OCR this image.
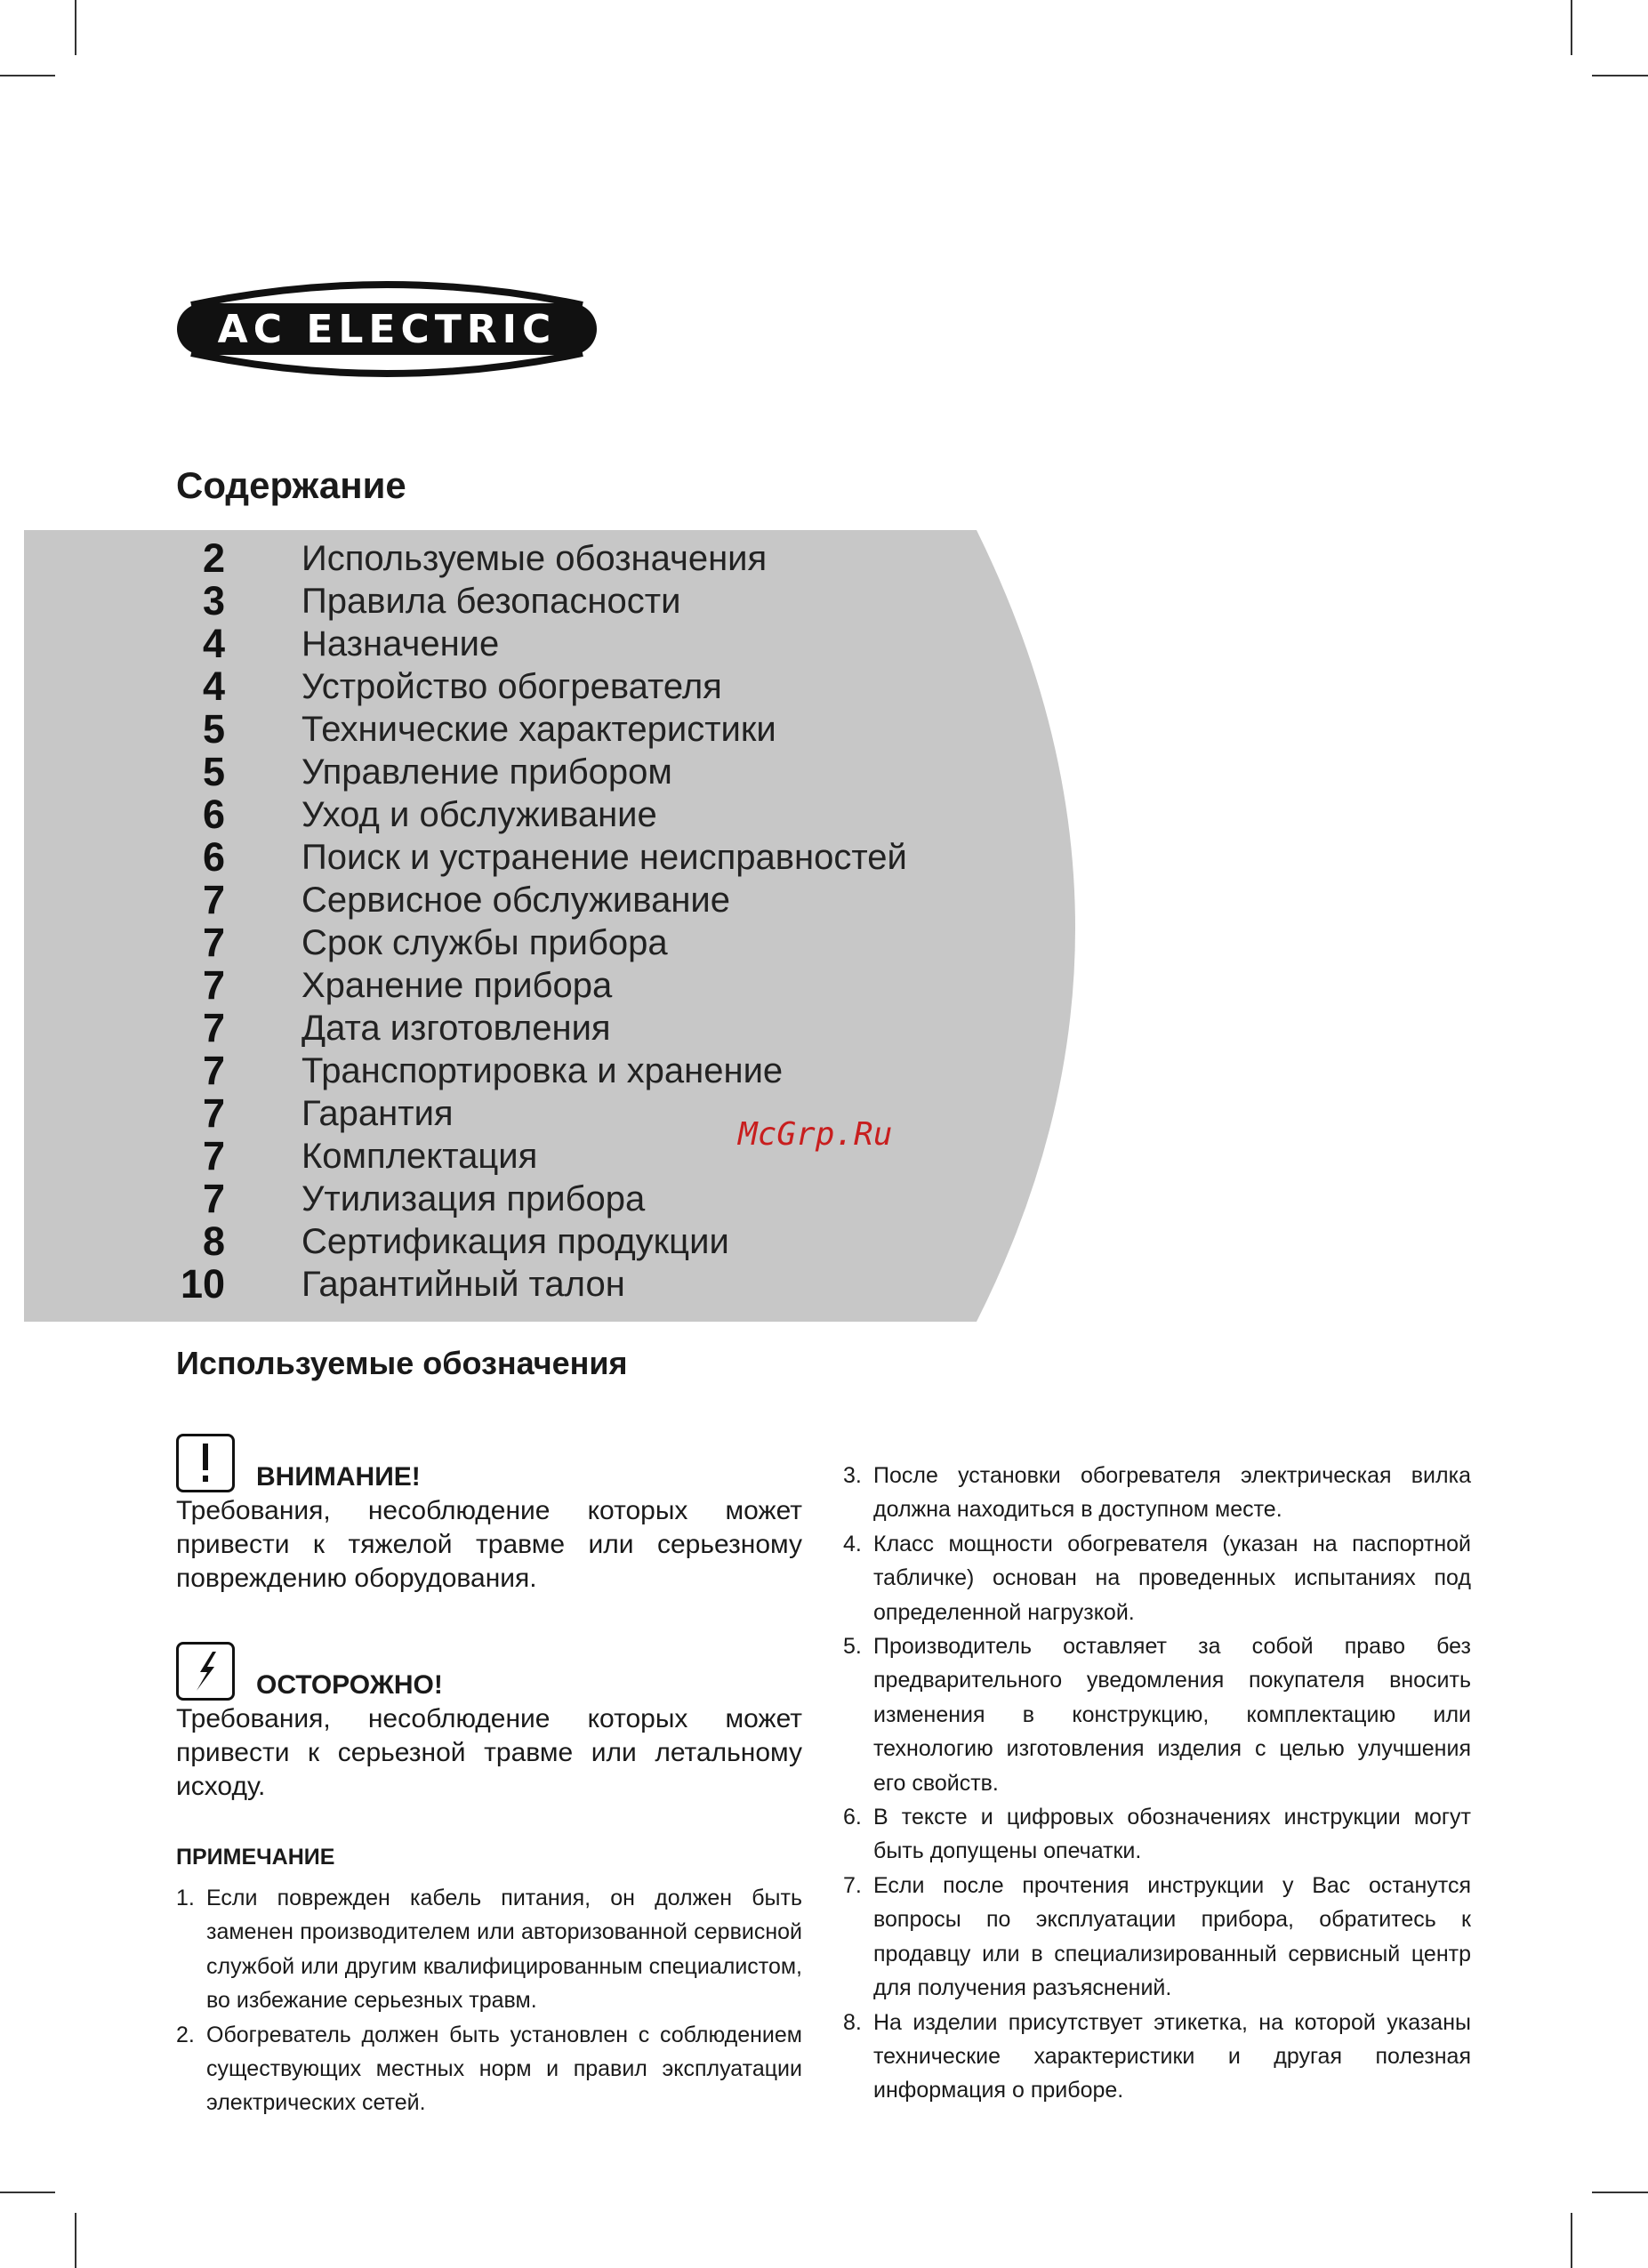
AC ELECTRIC
Содержание
2 Используемые обозначения
3 Правила безопасности
4 Назначение
4 Устройство обогревателя
5 Технические характеристики
5 Управление прибором
6 Уход и обслуживание
6 Поиск и устранение неисправностей
7 Сервисное обслуживание
7 Срок службы прибора
7 Хранение прибора
7 Дата изготовления
7 Транспортировка и хранение
7 Гарантия
7 Комплектация
7 Утилизация прибора
8 Сертификация продукции
10 Гарантийный талон
McGrp.Ru
Используемые обозначения
ВНИМАНИЕ!

Требования, несоблюдение которых может привести к тяжелой травме или серьезному повреждению оборудования.

ОСТОРОЖНО!

Требования, несоблюдение которых может привести к серьезной травме или летальному исходу.

ПРИМЕЧАНИЕ
1. Если поврежден кабель питания, он должен быть заменен производителем или авторизованной сервисной службой или другим квалифицированным специалистом, во избежание серьезных травм.
2. Обогреватель должен быть установлен с соблюдением существующих местных норм и правил эксплуатации электрических сетей.
3. После установки обогревателя электрическая вилка должна находиться в доступном месте.
4. Класс мощности обогревателя (указан на паспортной табличке) основан на проведенных испытаниях под определенной нагрузкой.
5. Производитель оставляет за собой право без предварительного уведомления покупателя вносить изменения в конструкцию, комплектацию или технологию изготовления изделия с целью улучшения его свойств.
6. В тексте и цифровых обозначениях инструкции могут быть допущены опечатки.
7. Если после прочтения инструкции у Вас останутся вопросы по эксплуатации прибора, обратитесь к продавцу или в специализированный сервисный центр для получения разъяснений.
8. На изделии присутствует этикетка, на которой указаны технические характеристики и другая полезная информация о приборе.
